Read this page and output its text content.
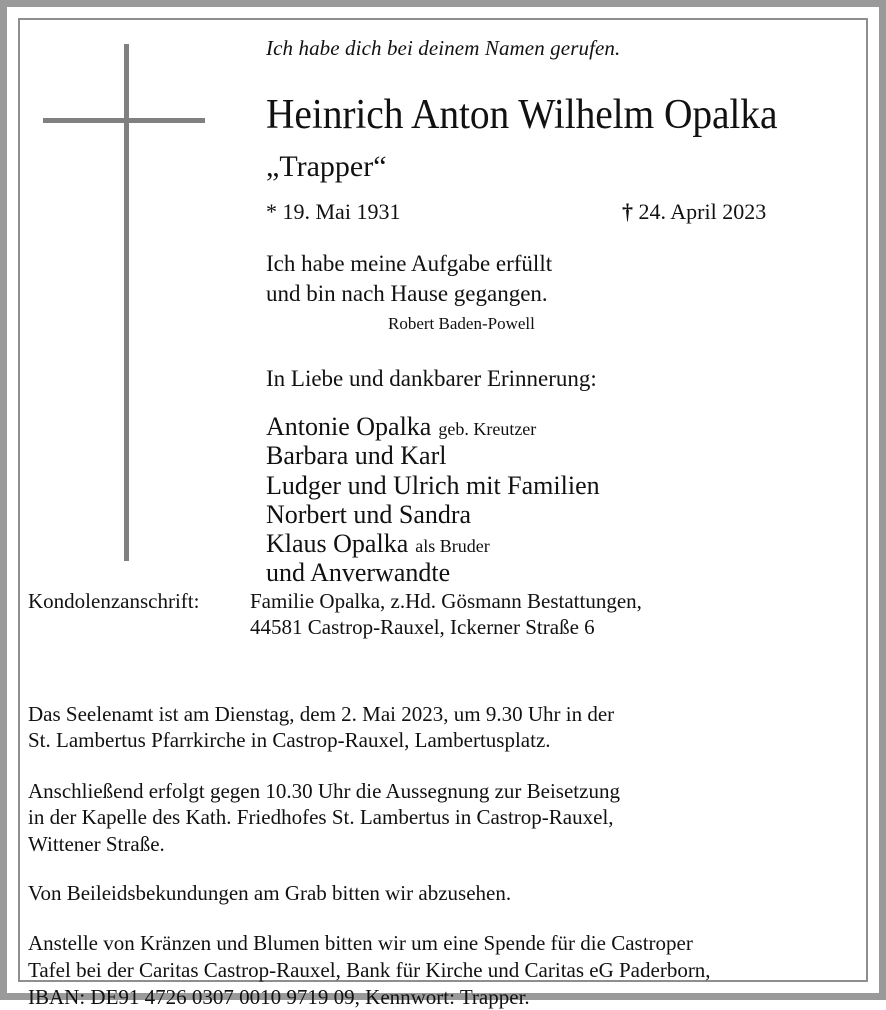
Ich habe dich bei deinem Namen gerufen.
Heinrich Anton Wilhelm Opalka
„Trapper“
* 19. Mai 1931	† 24. April 2023
Ich habe meine Aufgabe erfüllt
und bin nach Hause gegangen.
Robert Baden-Powell
In Liebe und dankbarer Erinnerung:
Antonie Opalka geb. Kreutzer
Barbara und Karl
Ludger und Ulrich mit Familien
Norbert und Sandra
Klaus Opalka als Bruder
und Anverwandte
Kondolenzanschrift: Familie Opalka, z.Hd. Gösmann Bestattungen,
44581 Castrop-Rauxel, Ickerner Straße 6
Das Seelenamt ist am Dienstag, dem 2. Mai 2023, um 9.30 Uhr in der
St. Lambertus Pfarrkirche in Castrop-Rauxel, Lambertusplatz.
Anschließend erfolgt gegen 10.30 Uhr die Aussegnung zur Beisetzung
in der Kapelle des Kath. Friedhofes St. Lambertus in Castrop-Rauxel,
Wittener Straße.
Von Beileidsbekundungen am Grab bitten wir abzusehen.
Anstelle von Kränzen und Blumen bitten wir um eine Spende für die Castroper
Tafel bei der Caritas Castrop-Rauxel, Bank für Kirche und Caritas eG Paderborn,
IBAN: DE91 4726 0307 0010 9719 09, Kennwort: Trapper.
